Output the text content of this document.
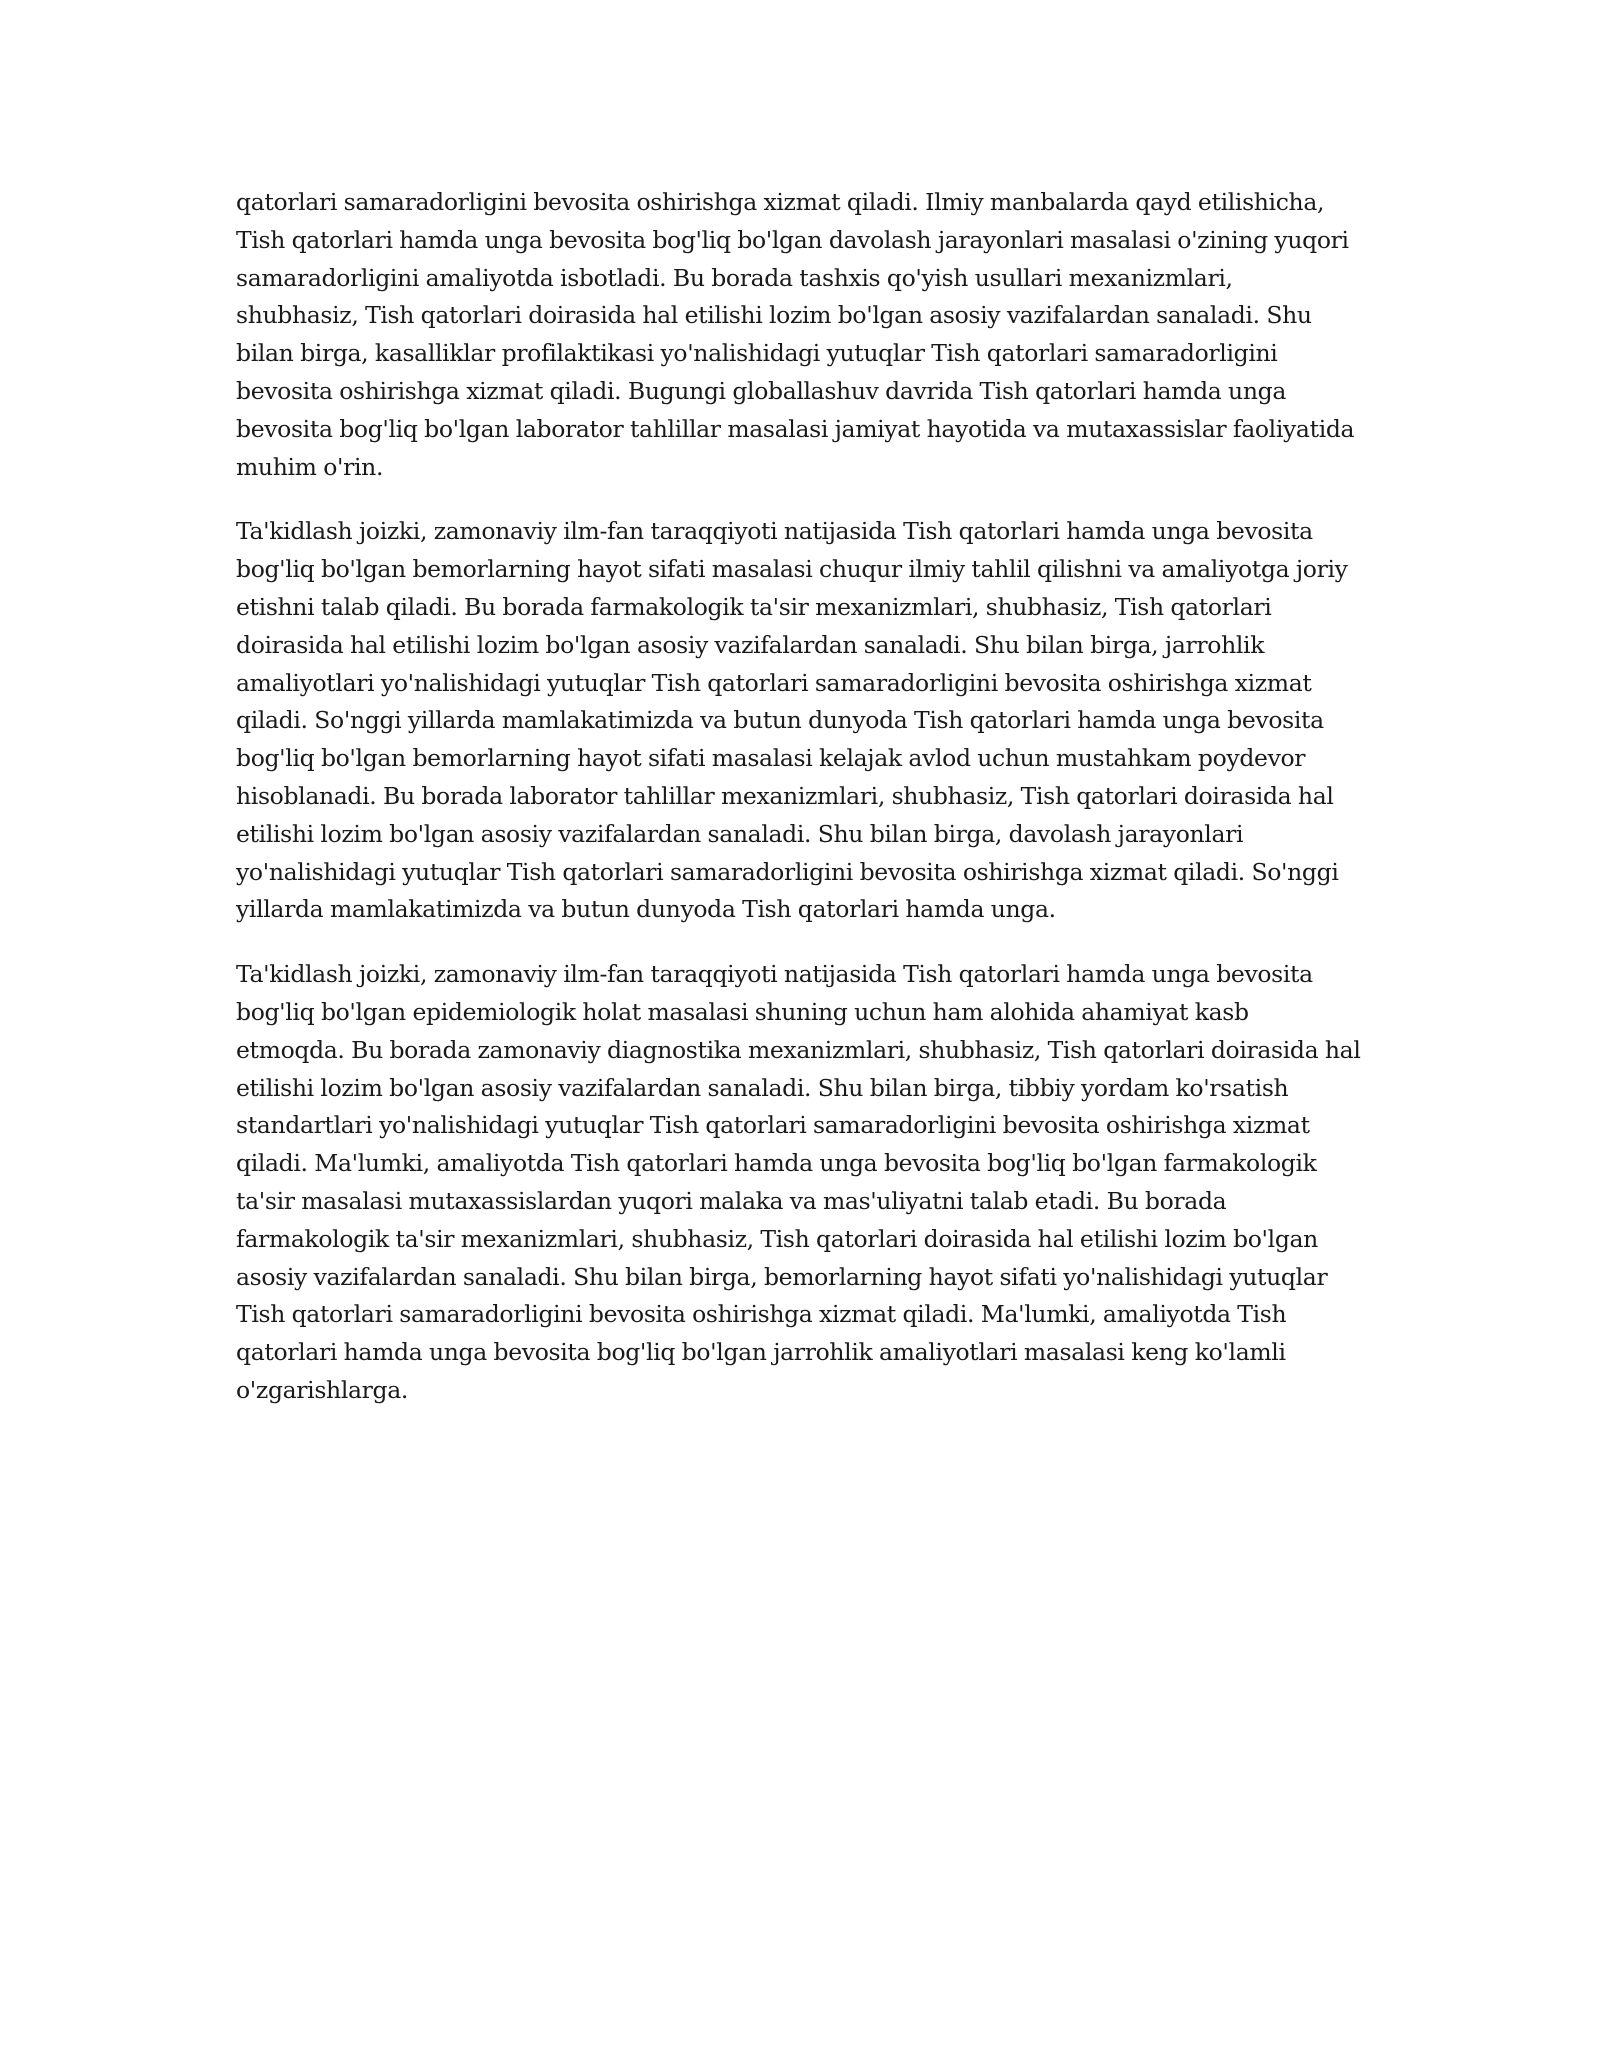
qatorlari samaradorligini bevosita oshirishga xizmat qiladi. Ilmiy manbalarda qayd etilishicha, Tish qatorlari hamda unga bevosita bog'liq bo'lgan davolash jarayonlari masalasi o'zining yuqori samaradorligini amaliyotda isbotladi. Bu borada tashxis qo'yish usullari mexanizmlari, shubhasiz, Tish qatorlari doirasida hal etilishi lozim bo'lgan asosiy vazifalardan sanaladi. Shu bilan birga, kasalliklar profilaktikasi yo'nalishidagi yutuqlar Tish qatorlari samaradorligini bevosita oshirishga xizmat qiladi. Bugungi globallashuv davrida Tish qatorlari hamda unga bevosita bog'liq bo'lgan laborator tahlillar masalasi jamiyat hayotida va mutaxassislar faoliyatida muhim o'rin.

Ta'kidlash joizki, zamonaviy ilm-fan taraqqiyoti natijasida Tish qatorlari hamda unga bevosita bog'liq bo'lgan bemorlarning hayot sifati masalasi chuqur ilmiy tahlil qilishni va amaliyotga joriy etishni talab qiladi. Bu borada farmakologik ta'sir mexanizmlari, shubhasiz, Tish qatorlari doirasida hal etilishi lozim bo'lgan asosiy vazifalardan sanaladi. Shu bilan birga, jarrohlik amaliyotlari yo'nalishidagi yutuqlar Tish qatorlari samaradorligini bevosita oshirishga xizmat qiladi. So'nggi yillarda mamlakatimizda va butun dunyoda Tish qatorlari hamda unga bevosita bog'liq bo'lgan bemorlarning hayot sifati masalasi kelajak avlod uchun mustahkam poydevor hisoblanadi. Bu borada laborator tahlillar mexanizmlari, shubhasiz, Tish qatorlari doirasida hal etilishi lozim bo'lgan asosiy vazifalardan sanaladi. Shu bilan birga, davolash jarayonlari yo'nalishidagi yutuqlar Tish qatorlari samaradorligini bevosita oshirishga xizmat qiladi. So'nggi yillarda mamlakatimizda va butun dunyoda Tish qatorlari hamda unga.

Ta'kidlash joizki, zamonaviy ilm-fan taraqqiyoti natijasida Tish qatorlari hamda unga bevosita bog'liq bo'lgan epidemiologik holat masalasi shuning uchun ham alohida ahamiyat kasb etmoqda. Bu borada zamonaviy diagnostika mexanizmlari, shubhasiz, Tish qatorlari doirasida hal etilishi lozim bo'lgan asosiy vazifalardan sanaladi. Shu bilan birga, tibbiy yordam ko'rsatish standartlari yo'nalishidagi yutuqlar Tish qatorlari samaradorligini bevosita oshirishga xizmat qiladi. Ma'lumki, amaliyotda Tish qatorlari hamda unga bevosita bog'liq bo'lgan farmakologik ta'sir masalasi mutaxassislardan yuqori malaka va mas'uliyatni talab etadi. Bu borada farmakologik ta'sir mexanizmlari, shubhasiz, Tish qatorlari doirasida hal etilishi lozim bo'lgan asosiy vazifalardan sanaladi. Shu bilan birga, bemorlarning hayot sifati yo'nalishidagi yutuqlar Tish qatorlari samaradorligini bevosita oshirishga xizmat qiladi. Ma'lumki, amaliyotda Tish qatorlari hamda unga bevosita bog'liq bo'lgan jarrohlik amaliyotlari masalasi keng ko'lamli o'zgarishlarga.
